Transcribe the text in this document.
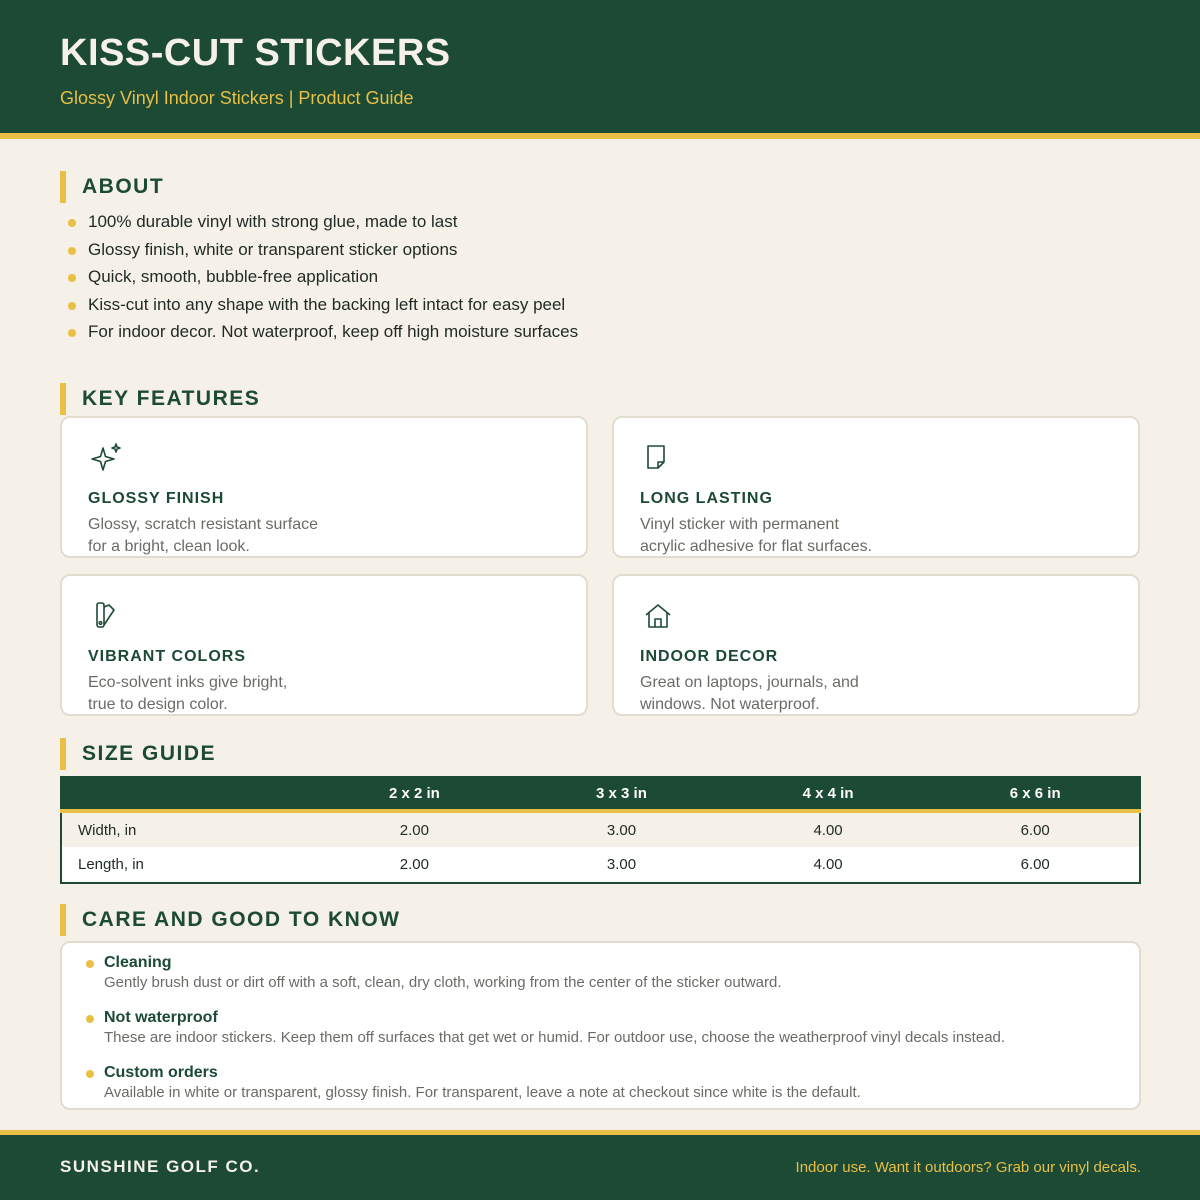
KISS-CUT STICKERS
Glossy Vinyl Indoor Stickers | Product Guide
ABOUT
100% durable vinyl with strong glue, made to last
Glossy finish, white or transparent sticker options
Quick, smooth, bubble-free application
Kiss-cut into any shape with the backing left intact for easy peel
For indoor decor. Not waterproof, keep off high moisture surfaces
KEY FEATURES
GLOSSY FINISH
Glossy, scratch resistant surface
for a bright, clean look.
LONG LASTING
Vinyl sticker with permanent
acrylic adhesive for flat surfaces.
VIBRANT COLORS
Eco-solvent inks give bright,
true to design color.
INDOOR DECOR
Great on laptops, journals, and
windows. Not waterproof.
SIZE GUIDE
	2 x 2 in	3 x 3 in	4 x 4 in	6 x 6 in
Width, in	2.00	3.00	4.00	6.00
Length, in	2.00	3.00	4.00	6.00
CARE AND GOOD TO KNOW
Cleaning
Gently brush dust or dirt off with a soft, clean, dry cloth, working from the center of the sticker outward.
Not waterproof
These are indoor stickers. Keep them off surfaces that get wet or humid. For outdoor use, choose the weatherproof vinyl decals instead.
Custom orders
Available in white or transparent, glossy finish. For transparent, leave a note at checkout since white is the default.
SUNSHINE GOLF CO.	Indoor use. Want it outdoors? Grab our vinyl decals.
